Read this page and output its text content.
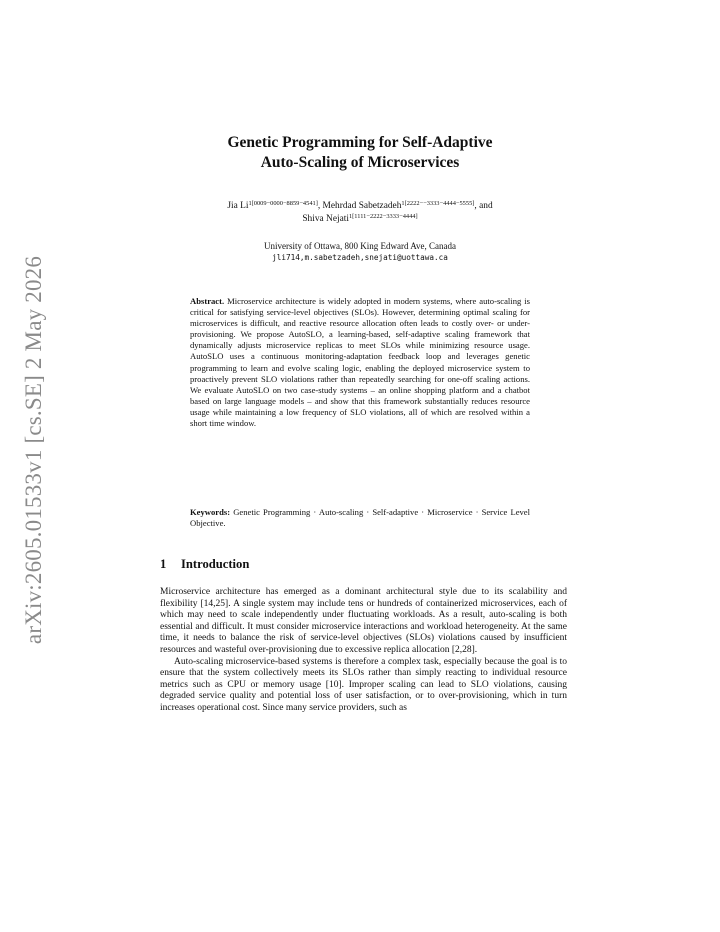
arXiv:2605.01533v1 [cs.SE] 2 May 2026
Genetic Programming for Self-Adaptive
Auto-Scaling of Microservices
Jia $Li^{1[0009-0000-8859-4541]}$, Mehrdad Sabetzadeh$^{1[2222--3333-4444-5555]}$, and
Shiva Nejati$^{1[1111-2222-3333-4444]}$
University of Ottawa, 800 King Edward Ave, Canada
jli714,m.sabetzadeh,snejati@uottawa.ca
Abstract. Microservice architecture is widely adopted in modern systems, where auto-scaling is critical for satisfying service-level objectives (SLOs). However, determining optimal scaling for microservices is difficult, and reactive resource allocation often leads to costly over- or under-provisioning. We propose AutoSLO, a learning-based, self-adaptive scaling framework that dynamically adjusts microservice replicas to meet SLOs while minimizing resource usage. AutoSLO uses a continuous monitoring-adaptation feedback loop and leverages genetic programming to learn and evolve scaling logic, enabling the deployed microservice system to proactively prevent SLO violations rather than repeatedly searching for one-off scaling actions. We evaluate AutoSLO on two case-study systems – an online shopping platform and a chatbot based on large language models – and show that this framework substantially reduces resource usage while maintaining a low frequency of SLO violations, all of which are resolved within a short time window.
Keywords: Genetic Programming · Auto-scaling · Self-adaptive · Microservice · Service Level Objective.
1 Introduction

Microservice architecture has emerged as a dominant architectural style due to its scalability and flexibility [14,25]. A single system may include tens or hundreds of containerized microservices, each of which may need to scale independently under fluctuating workloads. As a result, auto-scaling is both essential and difficult. It must consider microservice interactions and workload heterogeneity. At the same time, it needs to balance the risk of service-level objectives (SLOs) violations caused by insufficient resources and wasteful over-provisioning due to excessive replica allocation [2,28].

Auto-scaling microservice-based systems is therefore a complex task, especially because the goal is to ensure that the system collectively meets its SLOs rather than simply reacting to individual resource metrics such as CPU or memory usage [10]. Improper scaling can lead to SLO violations, causing degraded service quality and potential loss of user satisfaction, or to over-provisioning, which in turn increases operational cost. Since many service providers, such as
